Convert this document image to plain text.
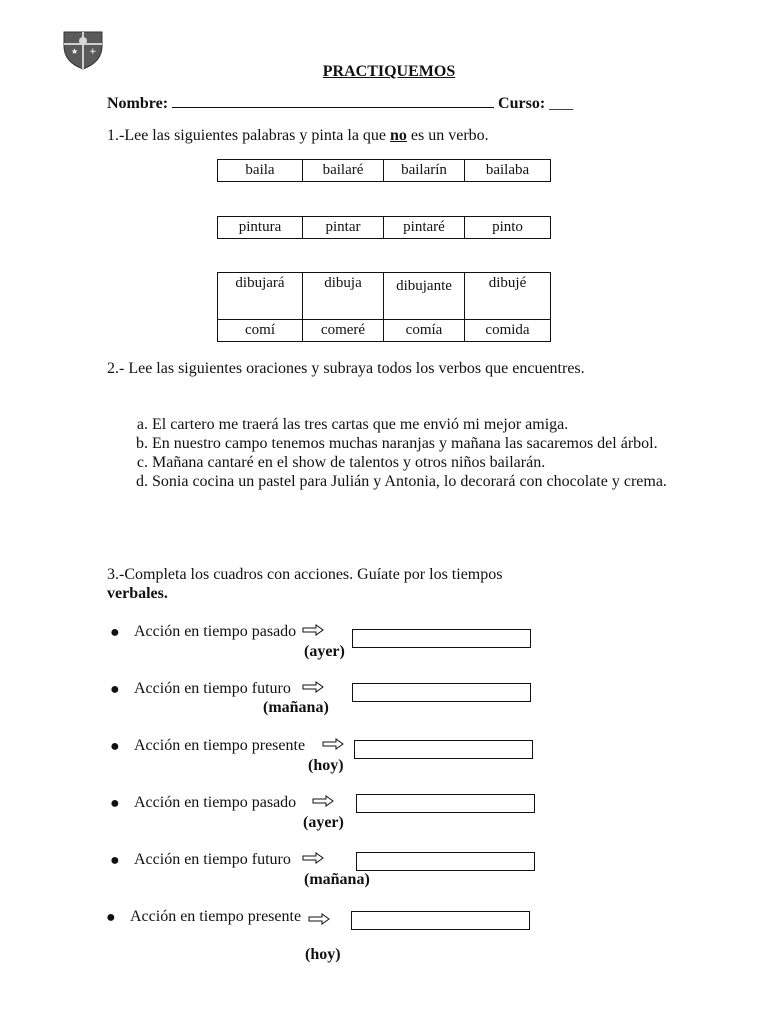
★ +
PRACTIQUEMOS
Nombre:	Curso: ___
1.-Lee las siguientes palabras y pinta la que no es un verbo.
baila	bailaré	bailarín	bailaba
pintura	pintar	pintaré	pinto
dibujará	dibuja	dibujante	dibujé
comí	comeré	comía	comida
2.- Lee las siguientes oraciones y subraya todos los verbos que encuentres.
a. El cartero me traerá las tres cartas que me envió mi mejor amiga.
b. En nuestro campo tenemos muchas naranjas y mañana las sacaremos del árbol.
c. Mañana cantaré en el show de talentos y otros niños bailarán.
d. Sonia cocina un pastel para Julián y Antonia, lo decorará con chocolate y crema.
3.-Completa los cuadros con acciones. Guíate por los tiempos
verbales.
● Acción en tiempo pasado
(ayer)
● Acción en tiempo futuro
(mañana)
● Acción en tiempo presente
(hoy)
● Acción en tiempo pasado
(ayer)
● Acción en tiempo futuro
(mañana)
● Acción en tiempo presente
(hoy)
